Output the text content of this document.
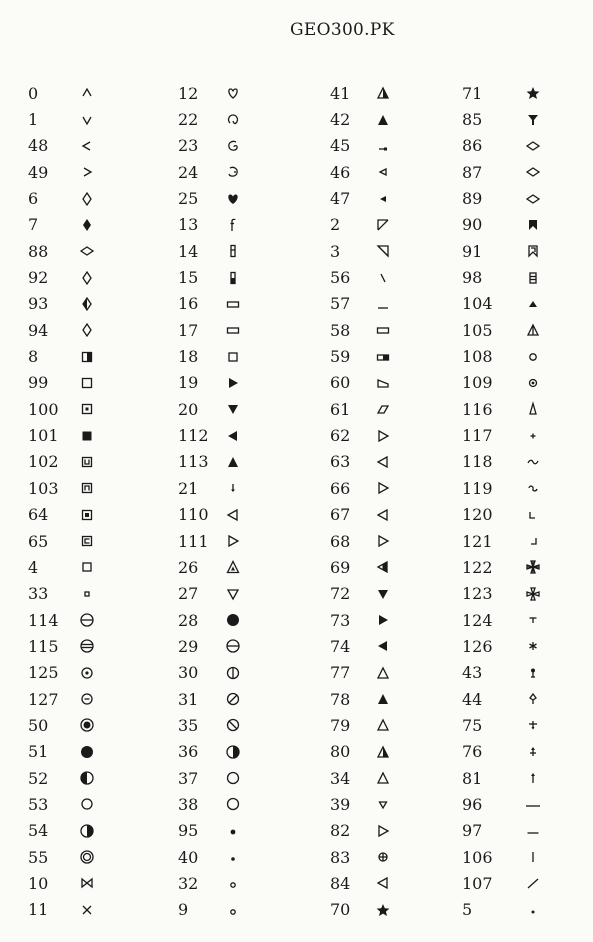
GEO300.PK
0
1
48
49
6
7
88
92
93
94
8
99
100
101
102
103
64
65
4
33
114
115
125
127
50
51
52
53
54
55
10
11
12
22
23
24
25
13
14
15
16
17
18
19
20
112
113
21
110
111
26
27
28
29
30
31
35
36
37
38
95
40
32
9
41
42
45
46
47
2
3
56
57
58
59
60
61
62
63
66
67
68
69
72
73
74
77
78
79
80
34
39
82
83
84
70
71
85
86
87
89
90
91
98
104
105
108
109
116
117
118
119
120
121
122
123
124
126
43
44
75
76
81
96
97
106
107
5
